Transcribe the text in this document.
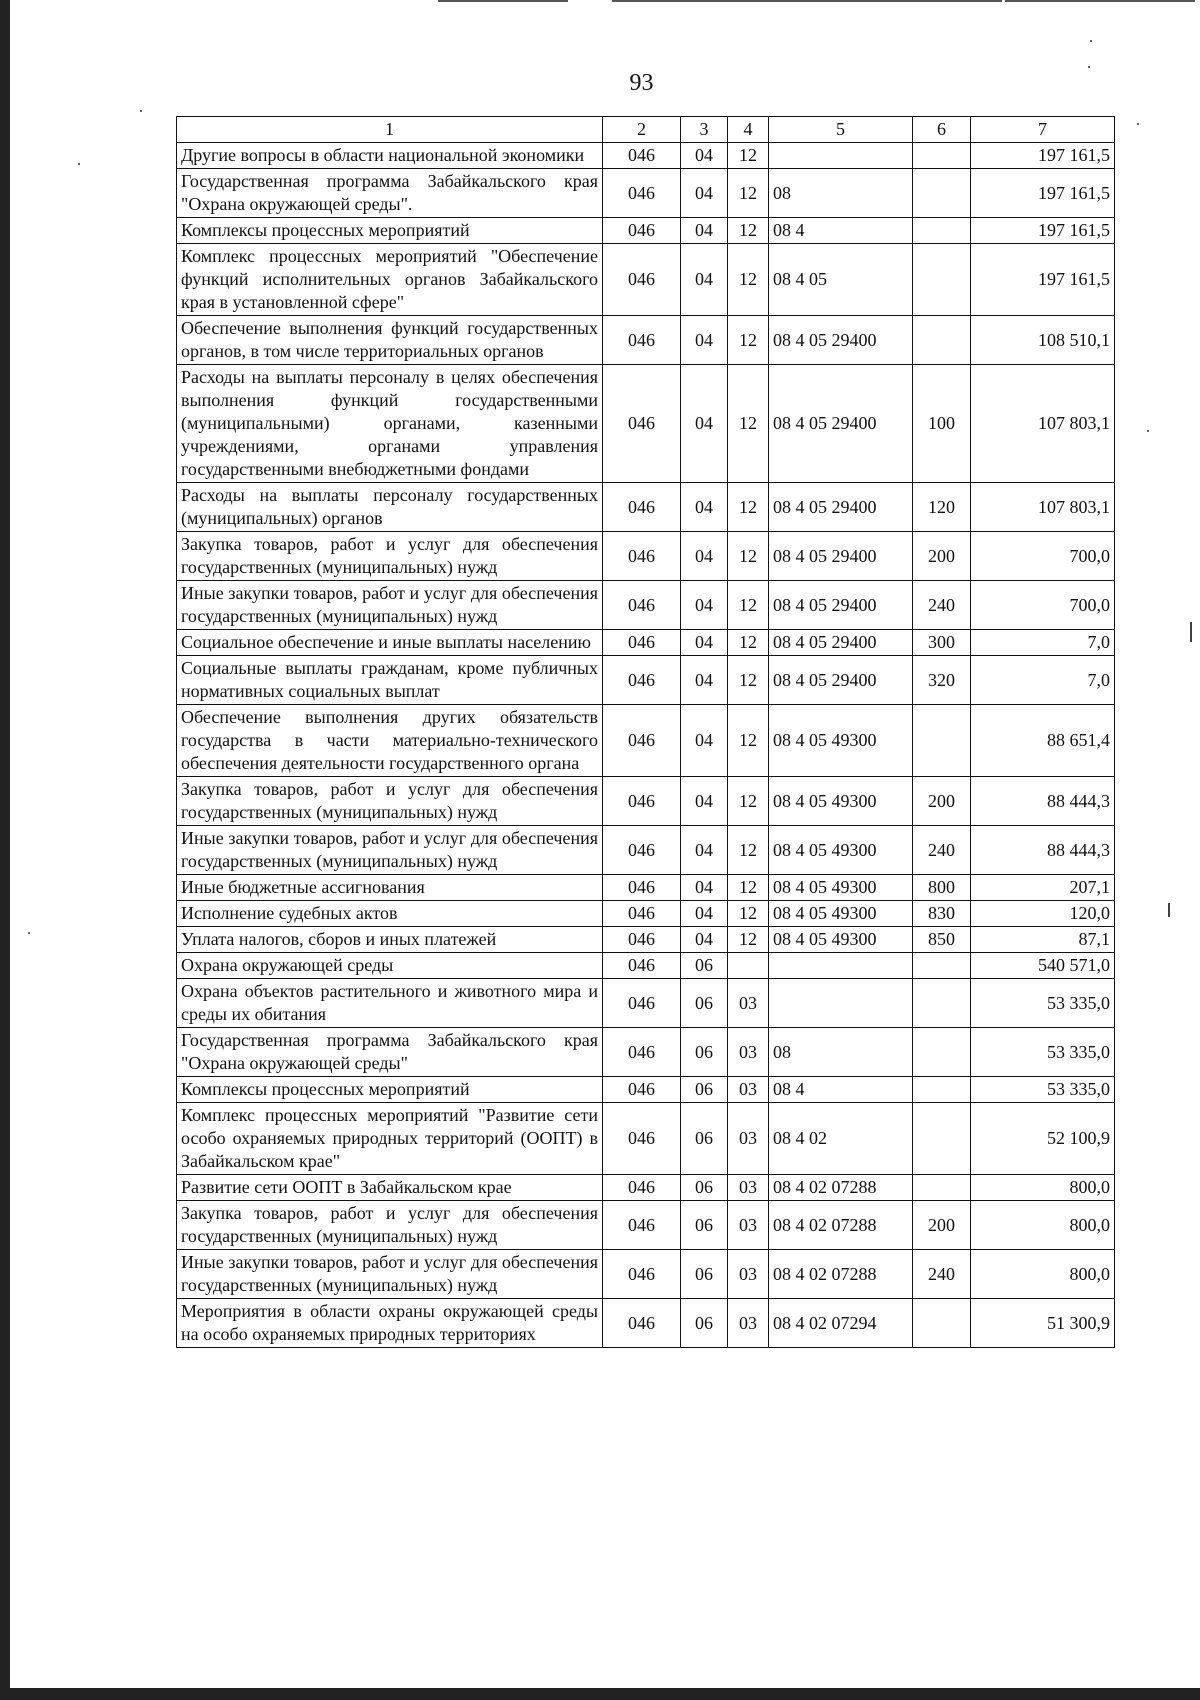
93
1	2	3	4	5	6	7
Другие вопросы в области национальной экономики	046	04	12			197 161,5
Государственная программа Забайкальского края "Охрана окружающей среды".	046	04	12	08		197 161,5
Комплексы процессных мероприятий	046	04	12	08 4		197 161,5
Комплекс процессных мероприятий "Обеспечение функций исполнительных органов Забайкальского края в установленной сфере"	046	04	12	08 4 05		197 161,5
Обеспечение выполнения функций государственных органов, в том числе территориальных органов	046	04	12	08 4 05 29400		108 510,1
Расходы на выплаты персоналу в целях обеспечения выполнения функций государственными (муниципальными) органами, казенными учреждениями, органами управления государственными внебюджетными фондами	046	04	12	08 4 05 29400	100	107 803,1
Расходы на выплаты персоналу государственных (муниципальных) органов	046	04	12	08 4 05 29400	120	107 803,1
Закупка товаров, работ и услуг для обеспечения государственных (муниципальных) нужд	046	04	12	08 4 05 29400	200	700,0
Иные закупки товаров, работ и услуг для обеспечения государственных (муниципальных) нужд	046	04	12	08 4 05 29400	240	700,0
Социальное обеспечение и иные выплаты населению	046	04	12	08 4 05 29400	300	7,0
Социальные выплаты гражданам, кроме публичных нормативных социальных выплат	046	04	12	08 4 05 29400	320	7,0
Обеспечение выполнения других обязательств государства в части материально-технического обеспечения деятельности государственного органа	046	04	12	08 4 05 49300		88 651,4
Закупка товаров, работ и услуг для обеспечения государственных (муниципальных) нужд	046	04	12	08 4 05 49300	200	88 444,3
Иные закупки товаров, работ и услуг для обеспечения государственных (муниципальных) нужд	046	04	12	08 4 05 49300	240	88 444,3
Иные бюджетные ассигнования	046	04	12	08 4 05 49300	800	207,1
Исполнение судебных актов	046	04	12	08 4 05 49300	830	120,0
Уплата налогов, сборов и иных платежей	046	04	12	08 4 05 49300	850	87,1
Охрана окружающей среды	046	06				540 571,0
Охрана объектов растительного и животного мира и среды их обитания	046	06	03			53 335,0
Государственная программа Забайкальского края "Охрана окружающей среды"	046	06	03	08		53 335,0
Комплексы процессных мероприятий	046	06	03	08 4		53 335,0
Комплекс процессных мероприятий "Развитие сети особо охраняемых природных территорий (ООПТ) в Забайкальском крае"	046	06	03	08 4 02		52 100,9
Развитие сети ООПТ в Забайкальском крае	046	06	03	08 4 02 07288		800,0
Закупка товаров, работ и услуг для обеспечения государственных (муниципальных) нужд	046	06	03	08 4 02 07288	200	800,0
Иные закупки товаров, работ и услуг для обеспечения государственных (муниципальных) нужд	046	06	03	08 4 02 07288	240	800,0
Мероприятия в области охраны окружающей среды на особо охраняемых природных территориях	046	06	03	08 4 02 07294		51 300,9
